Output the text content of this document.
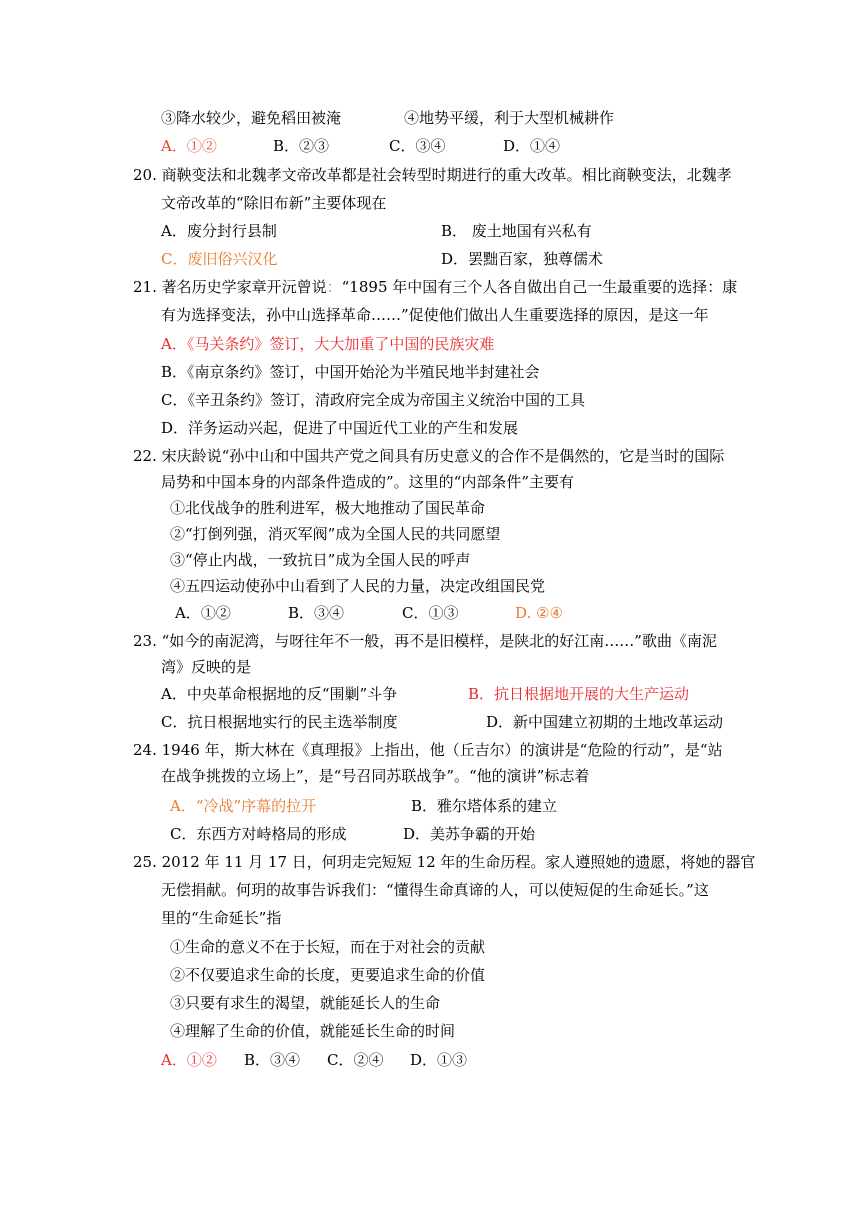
③降水较少，避免稻田被淹	④地势平缓，利于大型机械耕作
A．①②	B．②③	C．③④	D．①④
20. 商鞅变法和北魏孝文帝改革都是社会转型时期进行的重大改革。相比商鞅变法，北魏孝
文帝改革的“除旧布新”主要体现在
A．废分封行县制	B． 废土地国有兴私有
C．废旧俗兴汉化	D．罢黜百家，独尊儒术
21. 著名历史学家章开沅曾说：“1895 年中国有三个人各自做出自己一生最重要的选择：康
有为选择变法，孙中山选择革命……”促使他们做出人生重要选择的原因，是这一年
A．《马关条约》签订，大大加重了中国的民族灾难
B．《南京条约》签订，中国开始沦为半殖民地半封建社会
C．《辛丑条约》签订，清政府完全成为帝国主义统治中国的工具
D．洋务运动兴起，促进了中国近代工业的产生和发展
22. 宋庆龄说“孙中山和中国共产党之间具有历史意义的合作不是偶然的，它是当时的国际
局势和中国本身的内部条件造成的”。这里的“内部条件”主要有
①北伐战争的胜利进军，极大地推动了国民革命
②“打倒列强，消灭军阀”成为全国人民的共同愿望
③“停止内战，一致抗日”成为全国人民的呼声
④五四运动使孙中山看到了人民的力量，决定改组国民党
A．①②	B．③④	C．①③	D. ②④
23. “如今的南泥湾，与呀往年不一般，再不是旧模样，是陕北的好江南……”歌曲《南泥
湾》反映的是
A．中央革命根据地的反“围剿”斗争	B．抗日根据地开展的大生产运动
C．抗日根据地实行的民主选举制度	D．新中国建立初期的土地改革运动
24. 1946 年，斯大林在《真理报》上指出，他（丘吉尔）的演讲是“危险的行动”，是“站
在战争挑拨的立场上”，是“号召同苏联战争”。“他的演讲”标志着
A．“冷战”序幕的拉开	B．雅尔塔体系的建立
C．东西方对峙格局的形成	D．美苏争霸的开始
25. 2012 年 11 月 17 日，何玥走完短短 12 年的生命历程。家人遵照她的遗愿，将她的器官
无偿捐献。何玥的故事告诉我们：“懂得生命真谛的人，可以使短促的生命延长。”这
里的“生命延长”指
①生命的意义不在于长短，而在于对社会的贡献
②不仅要追求生命的长度，更要追求生命的价值
③只要有求生的渴望，就能延长人的生命
④理解了生命的价值，就能延长生命的时间
A．①② B．③④ C．②④ D．①③
